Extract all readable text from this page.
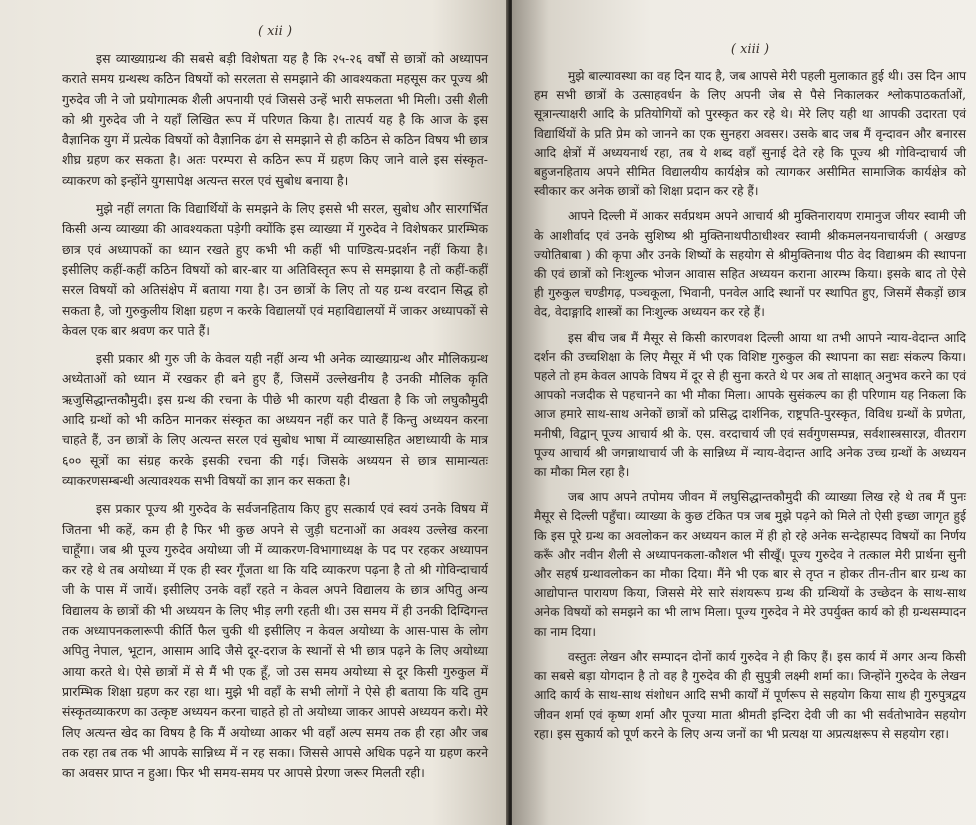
( xii )

इस व्याख्याग्रन्थ की सबसे बड़ी विशेषता यह है कि २५-२६ वर्षों से छात्रों को अध्यापन कराते समय ग्रन्थस्थ कठिन विषयों को सरलता से समझाने की आवश्यकता महसूस कर पूज्य श्री गुरुदेव जी ने जो प्रयोगात्मक शैली अपनायी एवं जिससे उन्हें भारी सफलता भी मिली। उसी शैली को श्री गुरुदेव जी ने यहाँ लिखित रूप में परिणत किया है। तात्पर्य यह है कि आज के इस वैज्ञानिक युग में प्रत्येक विषयों को वैज्ञानिक ढंग से समझाने से ही कठिन से कठिन विषय भी छात्र शीघ्र ग्रहण कर सकता है। अतः परम्परा से कठिन रूप में ग्रहण किए जाने वाले इस संस्कृत-व्याकरण को इन्होंने युगसापेक्ष अत्यन्त सरल एवं सुबोध बनाया है।

मुझे नहीं लगता कि विद्यार्थियों के समझने के लिए इससे भी सरल, सुबोध और सारगर्भित किसी अन्य व्याख्या की आवश्यकता पड़ेगी क्योंकि इस व्याख्या में गुरुदेव ने विशेषकर प्रारम्भिक छात्र एवं अध्यापकों का ध्यान रखते हुए कभी भी कहीं भी पाण्डित्य-प्रदर्शन नहीं किया है। इसीलिए कहीं-कहीं कठिन विषयों को बार-बार या अतिविस्तृत रूप से समझाया है तो कहीं-कहीं सरल विषयों को अतिसंक्षेप में बताया गया है। उन छात्रों के लिए तो यह ग्रन्थ वरदान सिद्ध हो सकता है, जो गुरुकुलीय शिक्षा ग्रहण न करके विद्यालयों एवं महाविद्यालयों में जाकर अध्यापकों से केवल एक बार श्रवण कर पाते हैं।

इसी प्रकार श्री गुरु जी के केवल यही नहीं अन्य भी अनेक व्याख्याग्रन्थ और मौलिकग्रन्थ अध्येताओं को ध्यान में रखकर ही बने हुए हैं, जिसमें उल्लेखनीय है उनकी मौलिक कृति ऋजुसिद्धान्तकौमुदी। इस ग्रन्थ की रचना के पीछे भी कारण यही दीखता है कि जो लघुकौमुदी आदि ग्रन्थों को भी कठिन मानकर संस्कृत का अध्ययन नहीं कर पाते हैं किन्तु अध्ययन करना चाहते हैं, उन छात्रों के लिए अत्यन्त सरल एवं सुबोध भाषा में व्याख्यासहित अष्टाध्यायी के मात्र ६०० सूत्रों का संग्रह करके इसकी रचना की गई। जिसके अध्ययन से छात्र सामान्यतः व्याकरणसम्बन्धी अत्यावश्यक सभी विषयों का ज्ञान कर सकता है।

इस प्रकार पूज्य श्री गुरुदेव के सर्वजनहिताय किए हुए सत्कार्य एवं स्वयं उनके विषय में जितना भी कहें, कम ही है फिर भी कुछ अपने से जुड़ी घटनाओं का अवश्य उल्लेख करना चाहूँगा। जब श्री पूज्य गुरुदेव अयोध्या जी में व्याकरण-विभागाध्यक्ष के पद पर रहकर अध्यापन कर रहे थे तब अयोध्या में एक ही स्वर गूँजता था कि यदि व्याकरण पढ़ना है तो श्री गोविन्दाचार्य जी के पास में जायें। इसीलिए उनके वहाँ रहते न केवल अपने विद्यालय के छात्र अपितु अन्य विद्यालय के छात्रों की भी अध्ययन के लिए भीड़ लगी रहती थी। उस समय में ही उनकी दिग्दिगन्त तक अध्यापनकलारूपी कीर्ति फैल चुकी थी इसीलिए न केवल अयोध्या के आस-पास के लोग अपितु नेपाल, भूटान, आसाम आदि जैसे दूर-दराज के स्थानों से भी छात्र पढ़ने के लिए अयोध्या आया करते थे। ऐसे छात्रों में से मैं भी एक हूँ, जो उस समय अयोध्या से दूर किसी गुरुकुल में प्रारम्भिक शिक्षा ग्रहण कर रहा था। मुझे भी वहाँ के सभी लोगों ने ऐसे ही बताया कि यदि तुम संस्कृतव्याकरण का उत्कृष्ट अध्ययन करना चाहते हो तो अयोध्या जाकर आपसे अध्ययन करो। मेरे लिए अत्यन्त खेद का विषय है कि मैं अयोध्या आकर भी वहाँ अल्प समय तक ही रहा और जब तक रहा तब तक भी आपके सान्निध्य में न रह सका। जिससे आपसे अधिक पढ़ने या ग्रहण करने का अवसर प्राप्त न हुआ। फिर भी समय-समय पर आपसे प्रेरणा जरूर मिलती रही।

( xiii )

मुझे बाल्यावस्था का वह दिन याद है, जब आपसे मेरी पहली मुलाकात हुई थी। उस दिन आप हम सभी छात्रों के उत्साहवर्धन के लिए अपनी जेब से पैसे निकालकर श्लोकपाठकर्ताओं, सूत्रान्त्याक्षरी आदि के प्रतियोगियों को पुरस्कृत कर रहे थे। मेरे लिए यही था आपकी उदारता एवं विद्यार्थियों के प्रति प्रेम को जानने का एक सुनहरा अवसर। उसके बाद जब मैं वृन्दावन और बनारस आदि क्षेत्रों में अध्ययनार्थ रहा, तब ये शब्द वहाँ सुनाई देते रहे कि पूज्य श्री गोविन्दाचार्य जी बहुजनहिताय अपने सीमित विद्यालयीय कार्यक्षेत्र को त्यागकर असीमित सामाजिक कार्यक्षेत्र को स्वीकार कर अनेक छात्रों को शिक्षा प्रदान कर रहे हैं।

आपने दिल्ली में आकर सर्वप्रथम अपने आचार्य श्री मुक्तिनारायण रामानुज जीयर स्वामी जी के आशीर्वाद एवं उनके सुशिष्य श्री मुक्तिनाथपीठाधीश्वर स्वामी श्रीकमलनयनाचार्यजी ( अखण्ड ज्योतिबाबा ) की कृपा और उनके शिष्यों के सहयोग से श्रीमुक्तिनाथ पीठ वेद विद्याश्रम की स्थापना की एवं छात्रों को निःशुल्क भोजन आवास सहित अध्ययन कराना आरम्भ किया। इसके बाद तो ऐसे ही गुरुकुल चण्डीगढ़, पञ्चकूला, भिवानी, पनवेल आदि स्थानों पर स्थापित हुए, जिसमें सैकड़ों छात्र वेद, वेदाङ्गादि शास्त्रों का निःशुल्क अध्ययन कर रहे हैं।

इस बीच जब मैं मैसूर से किसी कारणवश दिल्ली आया था तभी आपने न्याय-वेदान्त आदि दर्शन की उच्चशिक्षा के लिए मैसूर में भी एक विशिष्ट गुरुकुल की स्थापना का सद्यः संकल्प किया। पहले तो हम केवल आपके विषय में दूर से ही सुना करते थे पर अब तो साक्षात् अनुभव करने का एवं आपको नजदीक से पहचानने का भी मौका मिला। आपके सुसंकल्प का ही परिणाम यह निकला कि आज हमारे साथ-साथ अनेकों छात्रों को प्रसिद्ध दार्शनिक, राष्ट्रपति-पुरस्कृत, विविध ग्रन्थों के प्रणेता, मनीषी, विद्वान् पूज्य आचार्य श्री के. एस. वरदाचार्य जी एवं सर्वगुणसम्पन्न, सर्वशास्त्रसारज्ञ, वीतराग पूज्य आचार्य श्री जगन्नाथाचार्य जी के सान्निध्य में न्याय-वेदान्त आदि अनेक उच्च ग्रन्थों के अध्ययन का मौका मिल रहा है।

जब आप अपने तपोमय जीवन में लघुसिद्धान्तकौमुदी की व्याख्या लिख रहे थे तब मैं पुनः मैसूर से दिल्ली पहुँचा। व्याख्या के कुछ टंकित पत्र जब मुझे पढ़ने को मिले तो ऐसी इच्छा जागृत हुई कि इस पूरे ग्रन्थ का अवलोकन कर अध्ययन काल में ही हो रहे अनेक सन्देहास्पद विषयों का निर्णय करूँ और नवीन शैली से अध्यापनकला-कौशल भी सीखूँ। पूज्य गुरुदेव ने तत्काल मेरी प्रार्थना सुनी और सहर्ष ग्रन्थावलोकन का मौका दिया। मैंने भी एक बार से तृप्त न होकर तीन-तीन बार ग्रन्थ का आद्योपान्त पारायण किया, जिससे मेरे सारे संशयरूप ग्रन्थ की ग्रन्थियों के उच्छेदन के साथ-साथ अनेक विषयों को समझने का भी लाभ मिला। पूज्य गुरुदेव ने मेरे उपर्युक्त कार्य को ही ग्रन्थसम्पादन का नाम दिया।

वस्तुतः लेखन और सम्पादन दोनों कार्य गुरुदेव ने ही किए हैं। इस कार्य में अगर अन्य किसी का सबसे बड़ा योगदान है तो वह है गुरुदेव की ही सुपुत्री लक्ष्मी शर्मा का। जिन्होंने गुरुदेव के लेखन आदि कार्य के साथ-साथ संशोधन आदि सभी कार्यों में पूर्णरूप से सहयोग किया साथ ही गुरुपुत्रद्वय जीवन शर्मा एवं कृष्ण शर्मा और पूज्या माता श्रीमती इन्दिरा देवी जी का भी सर्वतोभावेन सहयोग रहा। इस सुकार्य को पूर्ण करने के लिए अन्य जनों का भी प्रत्यक्ष या अप्रत्यक्षरूप से सहयोग रहा।
